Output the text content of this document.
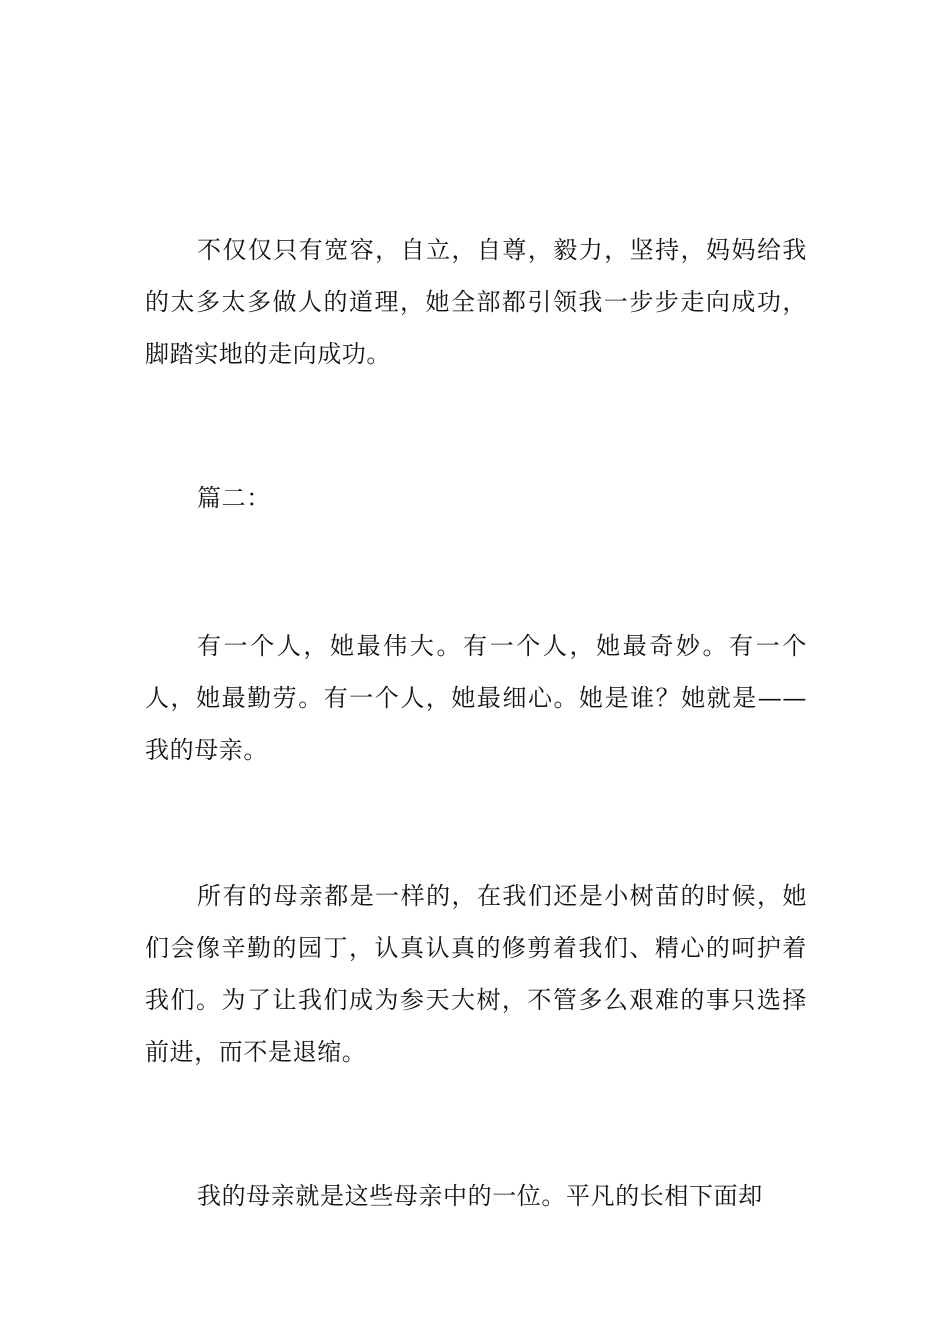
不仅仅只有宽容，自立，自尊，毅力，坚持，妈妈给我的太多太多做人的道理，她全部都引领我一步步走向成功，脚踏实地的走向成功。

篇二：

有一个人，她最伟大。有一个人，她最奇妙。有一个人，她最勤劳。有一个人，她最细心。她是谁？她就是——我的母亲。

所有的母亲都是一样的，在我们还是小树苗的时候，她们会像辛勤的园丁，认真认真的修剪着我们、精心的呵护着我们。为了让我们成为参天大树，不管多么艰难的事只选择前进，而不是退缩。

我的母亲就是这些母亲中的一位。平凡的长相下面却
